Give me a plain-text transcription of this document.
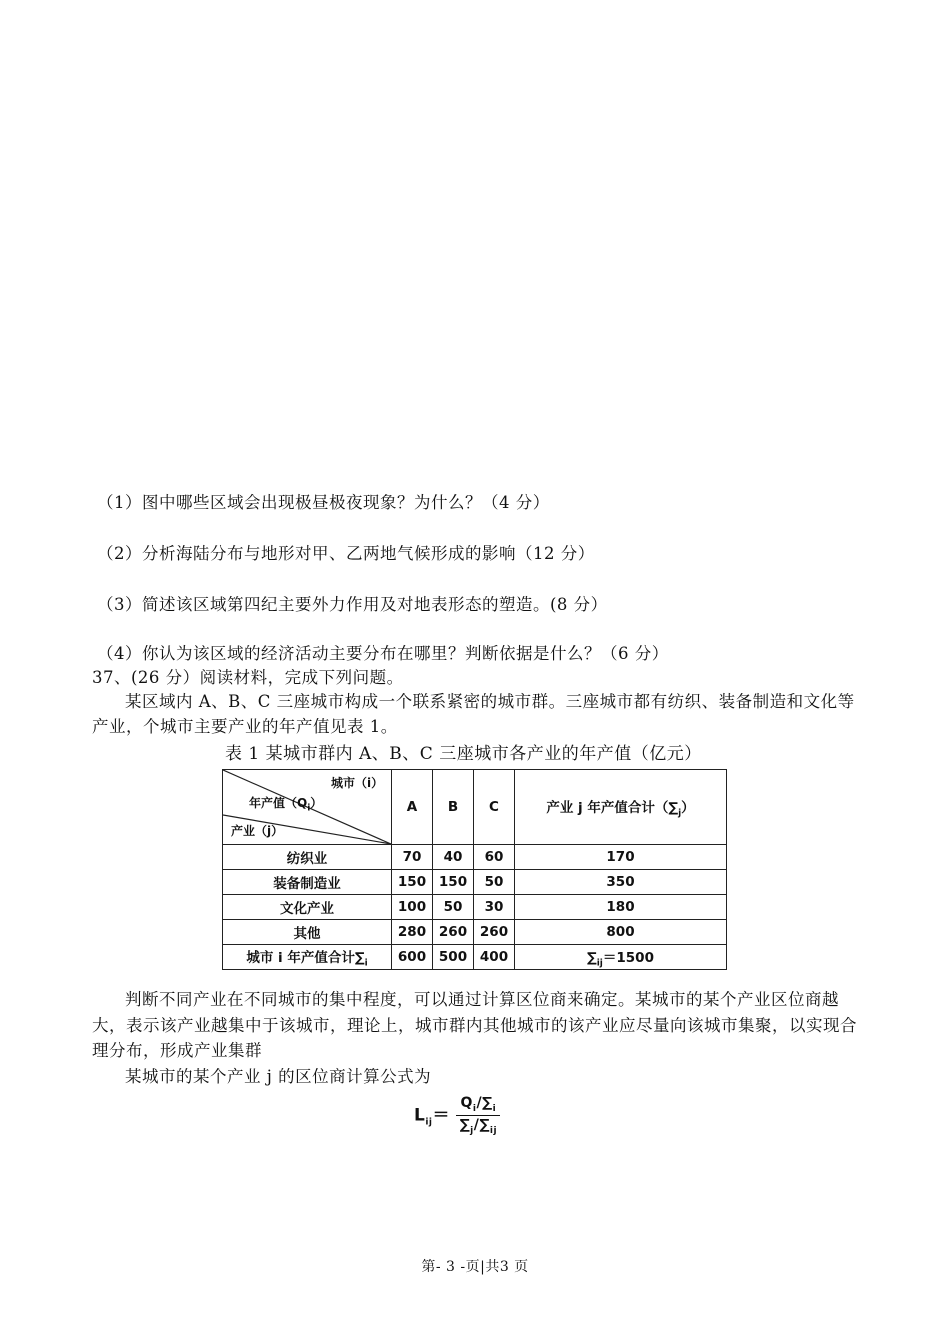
（1）图中哪些区域会出现极昼极夜现象？为什么？（4 分）
（2）分析海陆分布与地形对甲、乙两地气候形成的影响（12 分）
（3）简述该区域第四纪主要外力作用及对地表形态的塑造。(8 分）
（4）你认为该区域的经济活动主要分布在哪里？判断依据是什么？（6 分）
37、(26 分）阅读材料，完成下列问题。
某区域内 A、B、C 三座城市构成一个联系紧密的城市群。三座城市都有纺织、装备制造和文化等产业，个城市主要产业的年产值见表 1。
表 1 某城市群内 A、B、C 三座城市各产业的年产值（亿元）
城市（i）
年产值$(Q_i)$
产业（j）	A	B	C	产业 j 年产值合计$(\sum_j)$
纺织业	70	40	60	170
装备制造业	150	150	50	350
文化产业	100	50	30	180
其他	280	260	260	800
城市 i 年产值合计$\sum_i$	600	500	400	$\sum_{ij}=1500$
判断不同产业在不同城市的集中程度，可以通过计算区位商来确定。某城市的某个产业区位商越大，表示该产业越集中于该城市，理论上，城市群内其他城市的该产业应尽量向该城市集聚，以实现合理分布，形成产业集群
某城市的某个产业 j 的区位商计算公式为
$L_{ij}= \frac{Q_i/\sum_i}{\sum_j/\sum_{ij}}$
第- 3 -页|共3 页
